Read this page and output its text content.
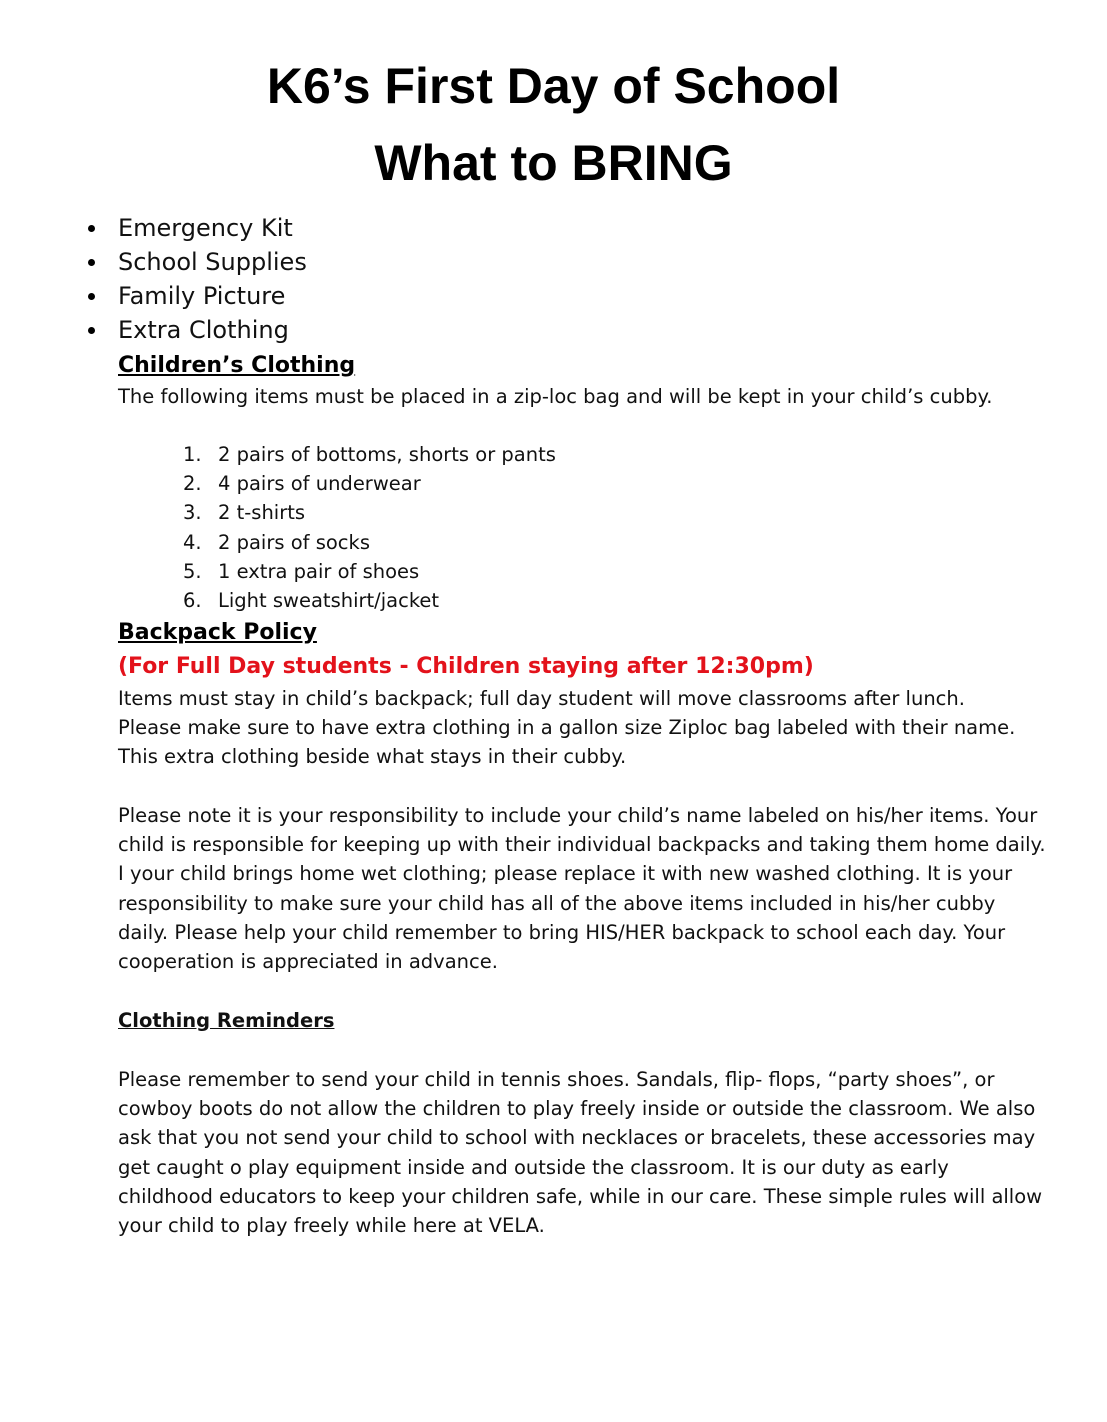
K6’s First Day of School
What to BRING
Emergency Kit
School Supplies
Family Picture
Extra Clothing
Children’s Clothing

The following items must be placed in a zip-loc bag and will be kept in your child’s cubby.

1. 2 pairs of bottoms, shorts or pants
2. 4 pairs of underwear
3. 2 t-shirts
4. 2 pairs of socks
5. 1 extra pair of shoes
6. Light sweatshirt/jacket
Backpack Policy
(For Full Day students - Children staying after 12:30pm)

Items must stay in child’s backpack; full day student will move classrooms after lunch. Please make sure to have extra clothing in a gallon size Ziploc bag labeled with their name. This extra clothing beside what stays in their cubby.

Please note it is your responsibility to include your child’s name labeled on his/her items. Your child is responsible for keeping up with their individual backpacks and taking them home daily. I your child brings home wet clothing; please replace it with new washed clothing. It is your responsibility to make sure your child has all of the above items included in his/her cubby daily. Please help your child remember to bring HIS/HER backpack to school each day. Your cooperation is appreciated in advance.

Clothing Reminders

Please remember to send your child in tennis shoes. Sandals, flip- flops, “party shoes”, or cowboy boots do not allow the children to play freely inside or outside the classroom. We also ask that you not send your child to school with necklaces or bracelets, these accessories may get caught o play equipment inside and outside the classroom. It is our duty as early childhood educators to keep your children safe, while in our care. These simple rules will allow your child to play freely while here at VELA.
